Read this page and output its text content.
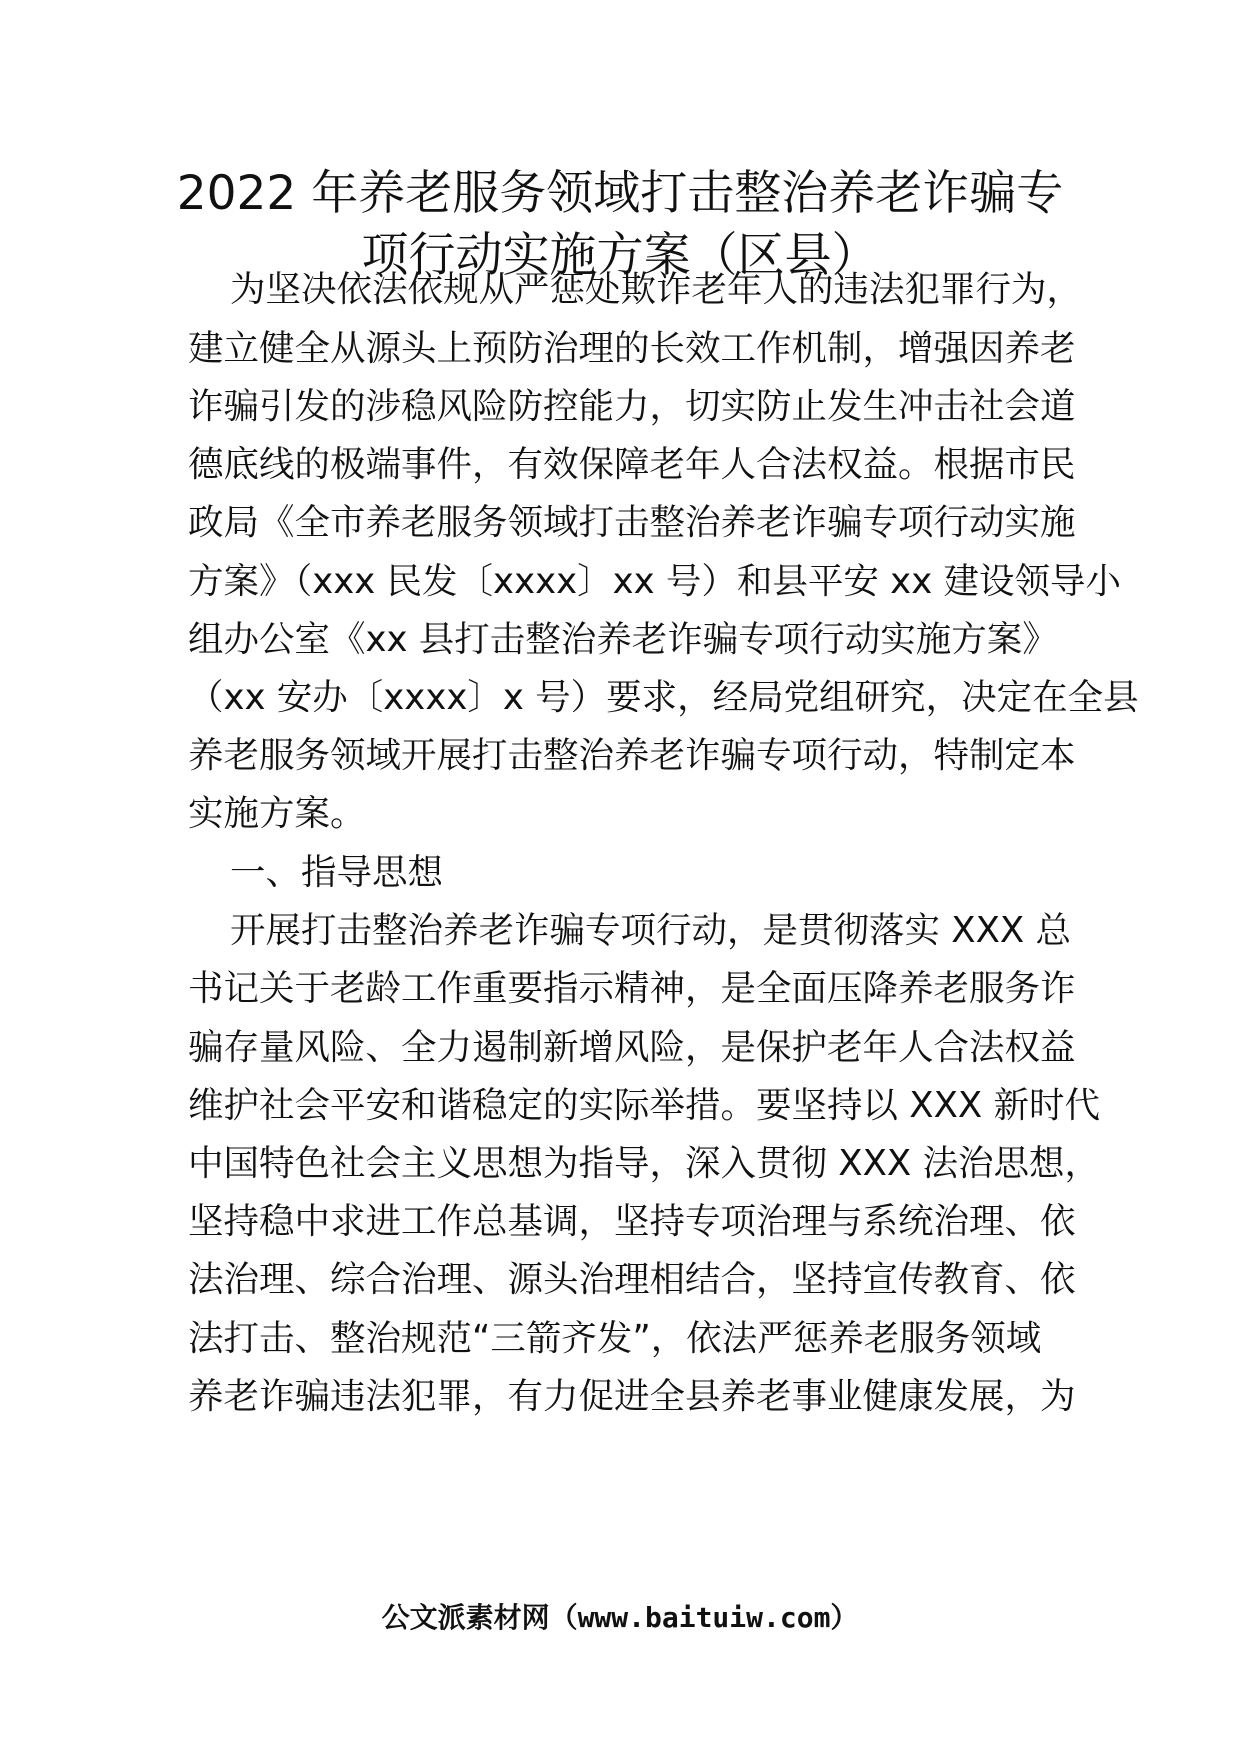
2022 年养老服务领域打击整治养老诈骗专
项行动实施方案（区县）

为坚决依法依规从严惩处欺诈老年人的违法犯罪行为，

建立健全从源头上预防治理的长效工作机制，增强因养老

诈骗引发的涉稳风险防控能力，切实防止发生冲击社会道

德底线的极端事件，有效保障老年人合法权益。根据市民

政局《全市养老服务领域打击整治养老诈骗专项行动实施

方案》（xxx 民发〔xxxx〕xx 号）和县平安 xx 建设领导小

组办公室《xx 县打击整治养老诈骗专项行动实施方案》

（xx 安办〔xxxx〕x 号）要求，经局党组研究，决定在全县

养老服务领域开展打击整治养老诈骗专项行动，特制定本

实施方案。

一、指导思想

开展打击整治养老诈骗专项行动，是贯彻落实 XXX 总

书记关于老龄工作重要指示精神，是全面压降养老服务诈

骗存量风险、全力遏制新增风险，是保护老年人合法权益

维护社会平安和谐稳定的实际举措。要坚持以 XXX 新时代

中国特色社会主义思想为指导，深入贯彻 XXX 法治思想，

坚持稳中求进工作总基调，坚持专项治理与系统治理、依

法治理、综合治理、源头治理相结合，坚持宣传教育、依

法打击、整治规范“三箭齐发”，依法严惩养老服务领域

养老诈骗违法犯罪，有力促进全县养老事业健康发展，为

公文派素材网（www.baituiw.com）
